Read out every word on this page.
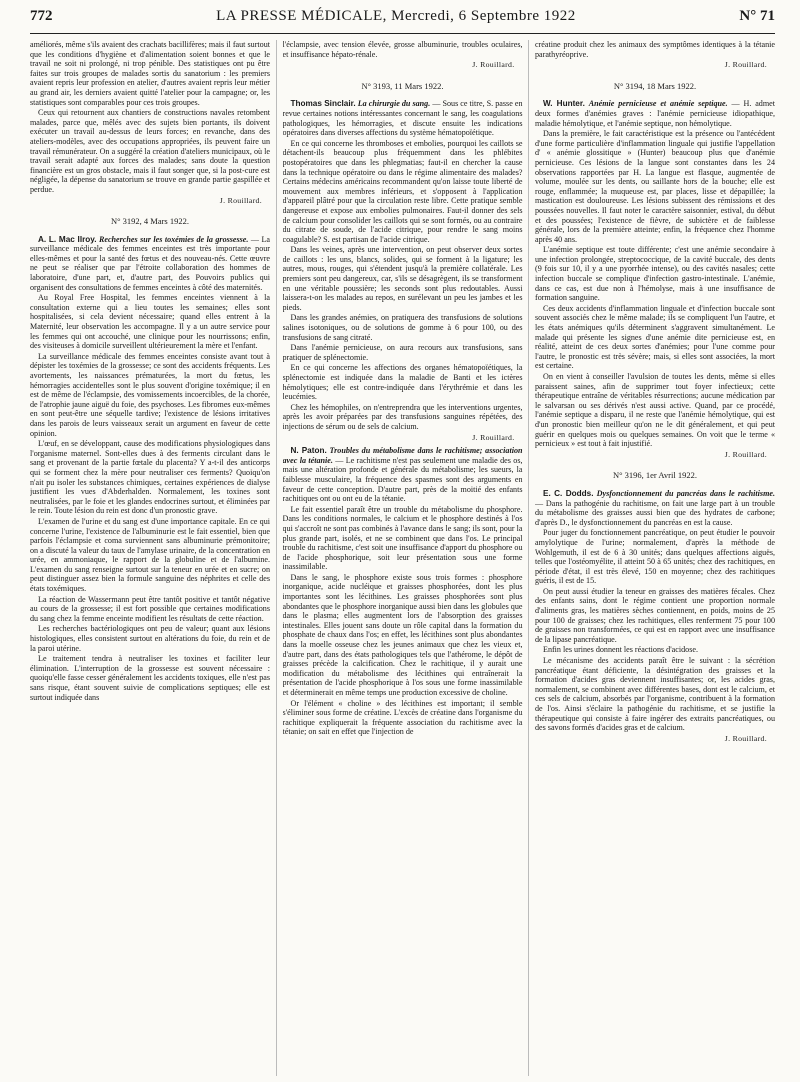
772	LA PRESSE MÉDICALE, Mercredi, 6 Septembre 1922	N° 71

améliorés, même s'ils avaient des crachats bacillifères; mais il faut surtout que les conditions d'hygiène et d'alimentation soient bonnes et que le travail ne soit ni prolongé, ni trop pénible. Des statistiques ont pu être faites sur trois groupes de malades sortis du sanatorium : les premiers avaient repris leur profession en atelier, d'autres avaient repris leur métier au grand air, les derniers avaient quitté l'atelier pour la campagne; or, les statistiques sont comparables pour ces trois groupes.

Ceux qui retournent aux chantiers de constructions navales retombent malades, parce que, mêlés avec des sujets bien portants, ils doivent exécuter un travail au-dessus de leurs forces; en revanche, dans des ateliers-modèles, avec des occupations appropriées, ils peuvent faire un travail rémunérateur. On a suggéré la création d'ateliers municipaux, où le travail serait adapté aux forces des malades; sans doute la question financière est un gros obstacle, mais il faut songer que, si la post-cure est négligée, la dépense du sanatorium se trouve en grande partie gaspillée et perdue.

J. Rouillard.
N° 3192, 4 Mars 1922.

A. L. Mac Ilroy. Recherches sur les toxémies de la grossesse. — La surveillance médicale des femmes enceintes est très importante pour elles-mêmes et pour la santé des fœtus et des nouveau-nés. Cette œuvre ne peut se réaliser que par l'étroite collaboration des hommes de laboratoire, d'une part, et, d'autre part, des Pouvoirs publics qui organisent des consultations de femmes enceintes à côté des maternités.

Au Royal Free Hospital, les femmes enceintes viennent à la consultation externe qui a lieu toutes les semaines; elles sont hospitalisées, si cela devient nécessaire; quand elles entrent à la Maternité, leur observation les accompagne. Il y a un autre service pour les femmes qui ont accouché, une clinique pour les nourrissons; enfin, des visiteuses à domicile surveillent ultérieurement la mère et l'enfant.

La surveillance médicale des femmes enceintes consiste avant tout à dépister les toxémies de la grossesse; ce sont des accidents fréquents. Les avortements, les naissances prématurées, la mort du fœtus, les hémorragies accidentelles sont le plus souvent d'origine toxémique; il en est de même de l'éclampsie, des vomissements incoercibles, de la chorée, de l'atrophie jaune aiguë du foie, des psychoses. Les fibromes eux-mêmes en sont peut-être une séquelle tardive; l'existence de lésions irritatives dans les parois de leurs vaisseaux serait un argument en faveur de cette opinion.

L'œuf, en se développant, cause des modifications physiologiques dans l'organisme maternel. Sont-elles dues à des ferments circulant dans le sang et provenant de la partie fœtale du placenta? Y a-t-il des anticorps qui se forment chez la mère pour neutraliser ces ferments? Quoiqu'on n'ait pu isoler les substances chimiques, certaines expériences de dialyse justifient les vues d'Abderhalden. Normalement, les toxines sont neutralisées, par le foie et les glandes endocrines surtout, et éliminées par le rein. Toute lésion du rein est donc d'un pronostic grave.

L'examen de l'urine et du sang est d'une importance capitale. En ce qui concerne l'urine, l'existence de l'albuminurie est le fait essentiel, bien que parfois l'éclampsie et coma surviennent sans albuminurie prémonitoire; on a discuté la valeur du taux de l'amylase urinaire, de la concentration en urée, en ammoniaque, le rapport de la globuline et de l'albumine. L'examen du sang renseigne surtout sur la teneur en urée et en sucre; on peut distinguer assez bien la formule sanguine des néphrites et celle des états toxémiques.

La réaction de Wassermann peut être tantôt positive et tantôt négative au cours de la grossesse; il est fort possible que certaines modifications du sang chez la femme enceinte modifient les résultats de cette réaction.

Les recherches bactériologiques ont peu de valeur; quant aux lésions histologiques, elles consistent surtout en altérations du foie, du rein et de la paroi utérine.

Le traitement tendra à neutraliser les toxines et faciliter leur élimination. L'interruption de la grossesse est souvent nécessaire : quoiqu'elle fasse cesser généralement les accidents toxiques, elle n'est pas sans risque, étant souvent suivie de complications septiques; elle est surtout indiquée dans

l'éclampsie, avec tension élevée, grosse albuminurie, troubles oculaires, et insuffisance hépato-rénale.

J. Rouillard.
N° 3193, 11 Mars 1922.

Thomas Sinclair. La chirurgie du sang. — Sous ce titre, S. passe en revue certaines notions intéressantes concernant le sang, les coagulations pathologiques, les hémorragies, et discute ensuite les indications opératoires dans diverses affections du système hématopoïétique.

En ce qui concerne les thromboses et embolies, pourquoi les caillots se détachent-ils beaucoup plus fréquemment dans les phlébites postopératoires que dans les phlegmatias; faut-il en chercher la cause dans la technique opératoire ou dans le régime alimentaire des malades? Certains médecins américains recommandent qu'on laisse toute liberté de mouvement aux membres inférieurs, et s'opposent à l'application d'appareil plâtré pour que la circulation reste libre. Cette pratique semble dangereuse et expose aux embolies pulmonaires. Faut-il donner des sels de calcium pour consolider les caillots qui se sont formés, ou au contraire du citrate de soude, de l'acide citrique, pour rendre le sang moins coagulable? S. est partisan de l'acide citrique.

Dans les veines, après une intervention, on peut observer deux sortes de caillots : les uns, blancs, solides, qui se forment à la ligature; les autres, mous, rouges, qui s'étendent jusqu'à la première collatérale. Les premiers sont peu dangereux, car, s'ils se désagrègent, ils se transforment en une véritable poussière; les seconds sont plus redoutables. Aussi laissera-t-on les malades au repos, en surélevant un peu les jambes et les pieds.

Dans les grandes anémies, on pratiquera des transfusions de solutions salines isotoniques, ou de solutions de gomme à 6 pour 100, ou des transfusions de sang citraté.

Dans l'anémie pernicieuse, on aura recours aux transfusions, sans pratiquer de splénectomie.

En ce qui concerne les affections des organes hématopoïétiques, la splénectomie est indiquée dans la maladie de Banti et les ictères hémolytiques; elle est contre-indiquée dans l'érythrémie et dans les leucémies.

Chez les hémophiles, on n'entreprendra que les interventions urgentes, après les avoir préparées par des transfusions sanguines répétées, des injections de sérum ou de sels de calcium.

J. Rouillard.

N. Paton. Troubles du métabolisme dans le rachitisme; association avec la tétanie. — Le rachitisme n'est pas seulement une maladie des os, mais une altération profonde et générale du métabolisme; les sueurs, la faiblesse musculaire, la fréquence des spasmes sont des arguments en faveur de cette conception. D'autre part, près de la moitié des enfants rachitiques ont ou ont eu de la tétanie.

Le fait essentiel paraît être un trouble du métabolisme du phosphore. Dans les conditions normales, le calcium et le phosphore destinés à l'os qui s'accroît ne sont pas combinés à l'avance dans le sang; ils sont, pour la plus grande part, isolés, et ne se combinent que dans l'os. Le principal trouble du rachitisme, c'est soit une insuffisance d'apport du phosphore ou de l'acide phosphorique, soit leur présentation sous une forme inassimilable.

Dans le sang, le phosphore existe sous trois formes : phosphore inorganique, acide nucléique et graisses phosphorées, dont les plus importantes sont les lécithines. Les graisses phosphorées sont plus abondantes que le phosphore inorganique aussi bien dans les globules que dans le plasma; elles augmentent lors de l'absorption des graisses intestinales. Elles jouent sans doute un rôle capital dans la formation du phosphate de chaux dans l'os; en effet, les lécithines sont plus abondantes dans la moelle osseuse chez les jeunes animaux que chez les vieux et, d'autre part, dans des états pathologiques tels que l'athérome, le dépôt de graisses précède la calcification. Chez le rachitique, il y aurait une modification du métabolisme des lécithines qui entraînerait la présentation de l'acide phosphorique à l'os sous une forme inassimilable et déterminerait en même temps une production excessive de choline.

Or l'élément « choline » des lécithines est important; il semble s'éliminer sous forme de créatine. L'excès de créatine dans l'organisme du rachitique expliquerait la fréquente association du rachitisme avec la tétanie; on sait en effet que l'injection de

créatine produit chez les animaux des symptômes identiques à la tétanie parathyréoprive.

J. Rouillard.
N° 3194, 18 Mars 1922.

W. Hunter. Anémie pernicieuse et anémie septique. — H. admet deux formes d'anémies graves : l'anémie pernicieuse idiopathique, maladie hémolytique, et l'anémie septique, non hémolytique.

Dans la première, le fait caractéristique est la présence ou l'antécédent d'une forme particulière d'inflammation linguale qui justifie l'appellation d' « anémie glossitique » (Hunter) beaucoup plus que d'anémie pernicieuse. Ces lésions de la langue sont constantes dans les 24 observations rapportées par H. La langue est flasque, augmentée de volume, moulée sur les dents, ou saillante hors de la bouche; elle est rouge, enflammée; la muqueuse est, par places, lisse et dépapillée; la mastication est douloureuse. Les lésions subissent des rémissions et des poussées nouvelles. Il faut noter le caractère saisonnier, estival, du début et des poussées; l'existence de fièvre, de subictère et de faiblesse générale, lors de la première atteinte; enfin, la fréquence chez l'homme après 40 ans.

L'anémie septique est toute différente; c'est une anémie secondaire à une infection prolongée, streptococcique, de la cavité buccale, des dents (9 fois sur 10, il y a une pyorrhée intense), ou des cavités nasales; cette infection buccale se complique d'infection gastro-intestinale. L'anémie, dans ce cas, est due non à l'hémolyse, mais à une insuffisance de formation sanguine.

Ces deux accidents d'inflammation linguale et d'infection buccale sont souvent associés chez le même malade; ils se compliquent l'un l'autre, et les états anémiques qu'ils déterminent s'aggravent simultanément. Le malade qui présente les signes d'une anémie dite pernicieuse est, en réalité, atteint de ces deux sortes d'anémies; pour l'une comme pour l'autre, le pronostic est très sévère; mais, si elles sont associées, la mort est certaine.

On en vient à conseiller l'avulsion de toutes les dents, même si elles paraissent saines, afin de supprimer tout foyer infectieux; cette thérapeutique entraîne de véritables résurrections; aucune médication par le salvarsan ou ses dérivés n'est aussi active. Quand, par ce procédé, l'anémie septique a disparu, il ne reste que l'anémie hémolytique, qui est d'un pronostic bien meilleur qu'on ne le dit généralement, et qui peut guérir en quelques mois ou quelques semaines. On voit que le terme « pernicieux » est tout à fait injustifié.

J. Rouillard.
N° 3196, 1er Avril 1922.

E. C. Dodds. Dysfonctionnement du pancréas dans le rachitisme. — Dans la pathogénie du rachitisme, on fait une large part à un trouble du métabolisme des graisses aussi bien que des hydrates de carbone; d'après D., le dysfonctionnement du pancréas en est la cause.

Pour juger du fonctionnement pancréatique, on peut étudier le pouvoir amylolytique de l'urine; normalement, d'après la méthode de Wohlgemuth, il est de 6 à 30 unités; dans quelques affections aiguës, telles que l'ostéomyélite, il atteint 50 à 65 unités; chez des rachitiques, en période d'état, il est très élevé, 150 en moyenne; chez des rachitiques guéris, il est de 15.

On peut aussi étudier la teneur en graisses des matières fécales. Chez des enfants sains, dont le régime contient une proportion normale d'aliments gras, les matières sèches contiennent, en poids, moins de 25 pour 100 de graisses; chez les rachitiques, elles renferment 75 pour 100 de graisses non transformées, ce qui est en rapport avec une insuffisance de la lipase pancréatique.

Enfin les urines donnent les réactions d'acidose.

Le mécanisme des accidents paraît être le suivant : la sécrétion pancréatique étant déficiente, la désintégration des graisses et la formation d'acides gras deviennent insuffisantes; or, les acides gras, normalement, se combinent avec différentes bases, dont est le calcium, et ces sels de calcium, absorbés par l'organisme, contribuent à la formation de l'os. Ainsi s'éclaire la pathogénie du rachitisme, et se justifie la thérapeutique qui consiste à faire ingérer des extraits pancréatiques, ou des savons formés d'acides gras et de calcium.

J. Rouillard.
